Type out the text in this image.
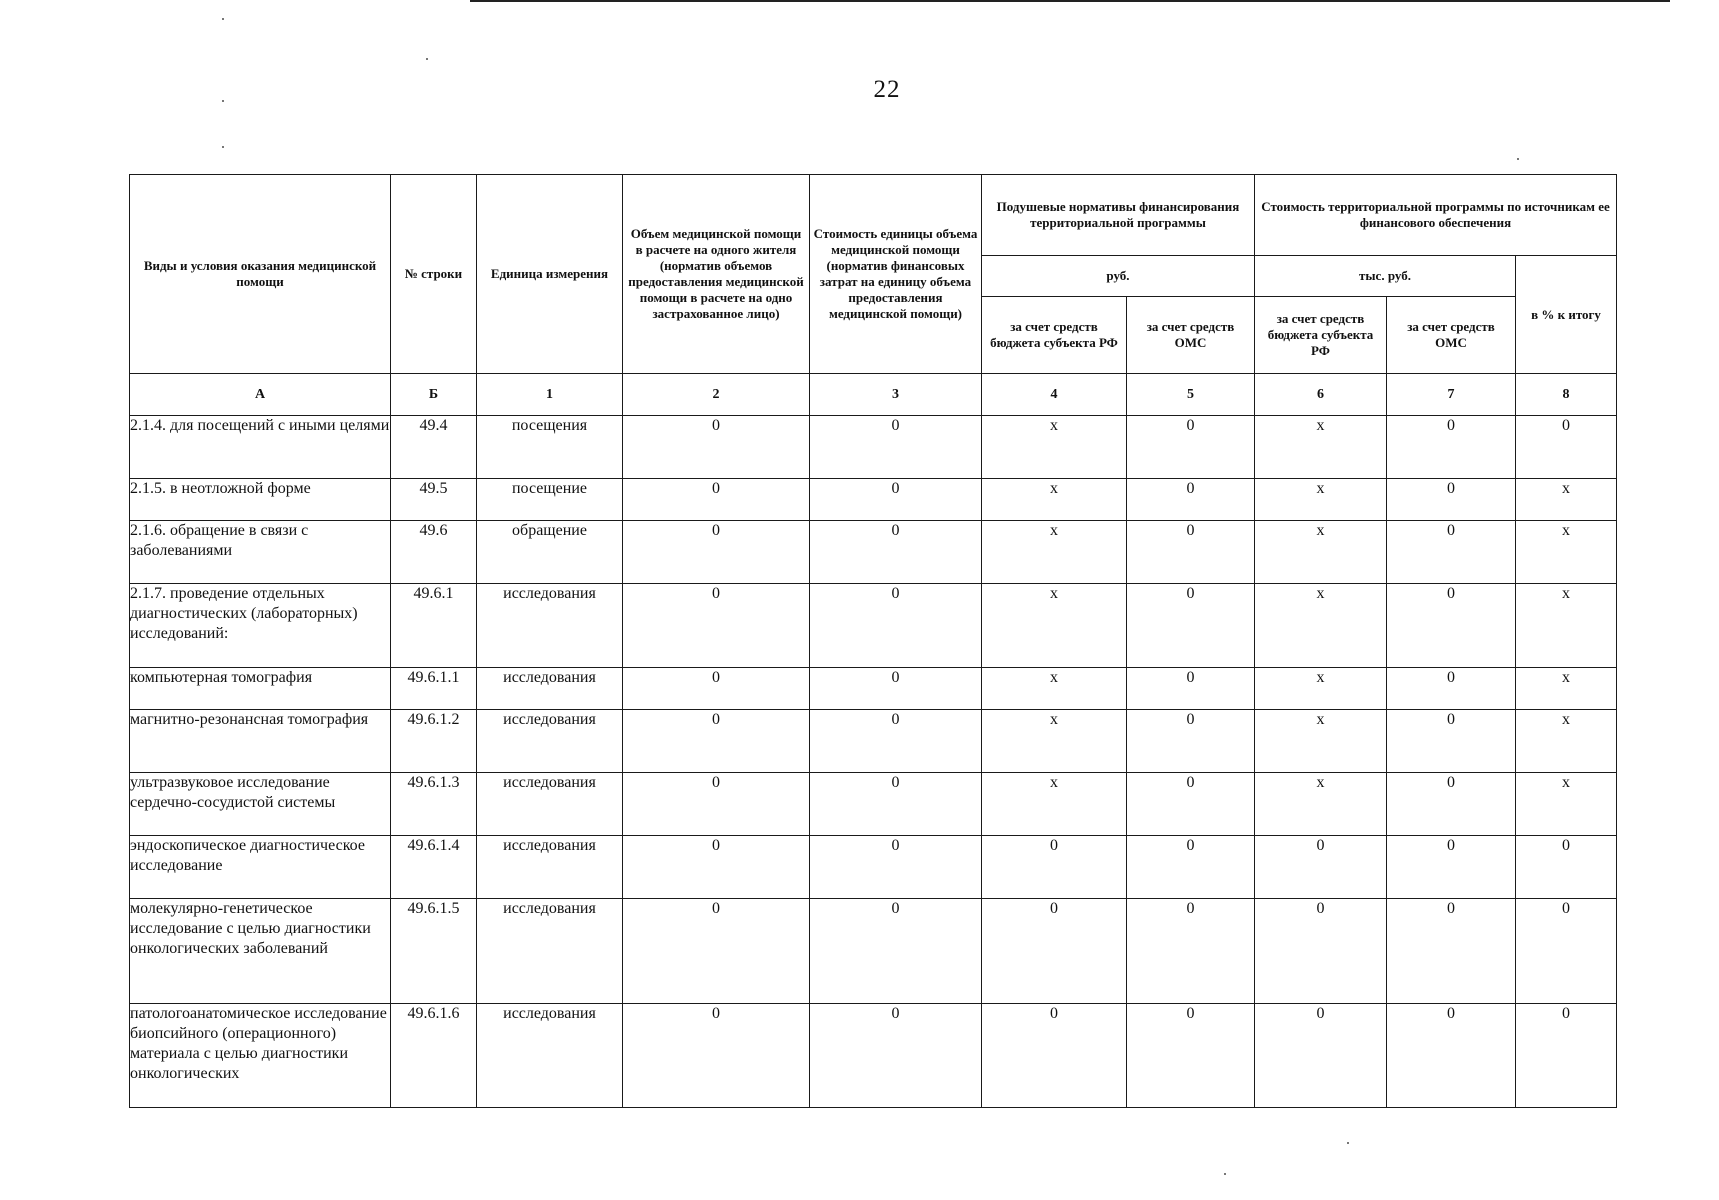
22
Виды и условия оказания медицинской помощи	№ строки	Единица измерения	Объем медицинской помощи в расчете на одного жителя (норматив объемов предоставления медицинской помощи в расчете на одно застрахованное лицо)	Стоимость единицы объема медицинской помощи (норматив финансовых затрат на единицу объема предоставления медицинской помощи)	Подушевые нормативы финансирования территориальной программы		Стоимость территориальной программы по источникам ее финансового обеспечения		
					руб.		тыс. руб.		в % к итогу
					за счет средств бюджета субъекта РФ	за счет средств ОМС	за счет средств бюджета субъекта РФ	за счет средств ОМС	
А	Б	1	2	3	4	5	6	7	8
2.1.4. для посещений с иными целями	49.4	посещения	0	0	x	0	x	0	0
2.1.5. в неотложной форме	49.5	посещение	0	0	x	0	x	0	x
2.1.6. обращение в связи с заболеваниями	49.6	обращение	0	0	x	0	x	0	x
2.1.7. проведение отдельных диагностических (лабораторных) исследований:	49.6.1	исследования	0	0	x	0	x	0	x
компьютерная томография	49.6.1.1	исследования	0	0	x	0	x	0	x
магнитно-резонансная томография	49.6.1.2	исследования	0	0	x	0	x	0	x
ультразвуковое исследование сердечно-сосудистой системы	49.6.1.3	исследования	0	0	x	0	x	0	x
эндоскопическое диагностическое исследование	49.6.1.4	исследования	0	0	0	0	0	0	0
молекулярно-генетическое исследование с целью диагностики онкологических заболеваний	49.6.1.5	исследования	0	0	0	0	0	0	0
патологоанатомическое исследование биопсийного (операционного) материала с целью диагностики онкологических	49.6.1.6	исследования	0	0	0	0	0	0	0
